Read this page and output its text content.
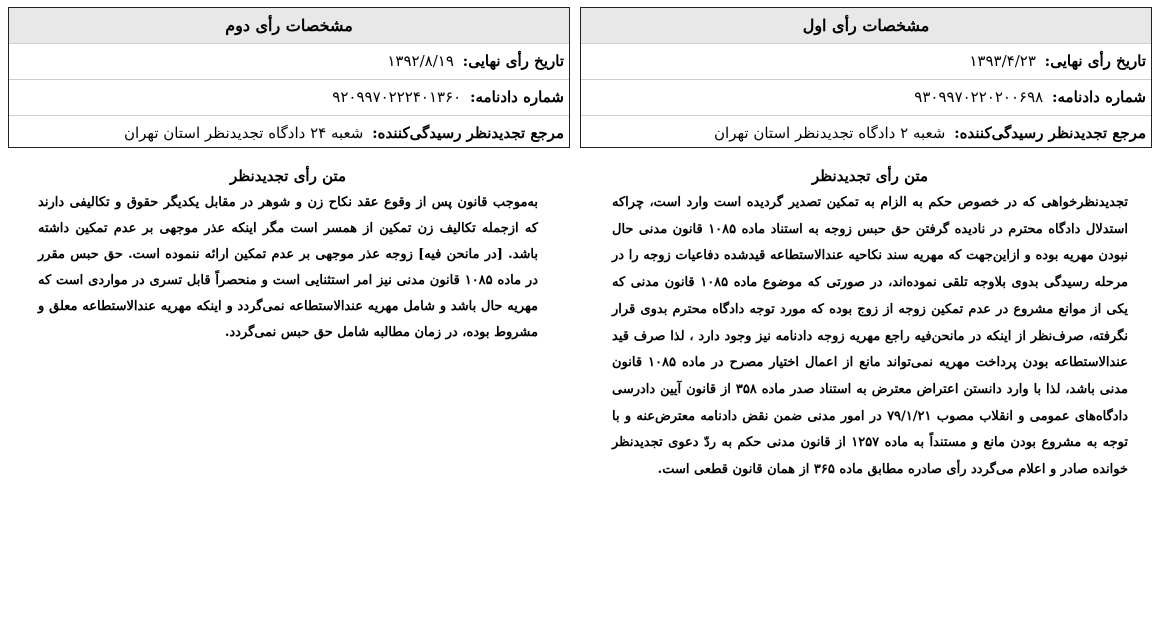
مشخصات رأی اول
تاریخ رأی نهایی: ۱۳۹۳/۴/۲۳
شماره دادنامه: ۹۳۰۹۹۷۰۲۲۰۲۰۰۶۹۸
مرجع تجدیدنظر رسیدگی‌کننده: شعبه ۲ دادگاه تجدیدنظر استان تهران
مشخصات رأی دوم
تاریخ رأی نهایی: ۱۳۹۲/۸/۱۹
شماره دادنامه: ۹۲۰۹۹۷۰۲۲۲۴۰۱۳۶۰
مرجع تجدیدنظر رسیدگی‌کننده: شعبه ۲۴ دادگاه تجدیدنظر استان تهران
متن رأی تجدیدنظر
تجدیدنظرخواهی که در خصوص حکم به الزام به تمکین تصدیر گردیده است وارد است، چراکه استدلال دادگاه محترم در نادیده گرفتن حق حبس زوجه به استناد ماده ۱۰۸۵ قانون مدنی حال نبودن مهریه بوده و ازاین‌جهت که مهریه سند نکاحیه عندالاستطاعه قیدشده دفاعیات زوجه را در مرحله رسیدگی بدوی بلاوجه تلقی نموده‌اند، در صورتی که موضوع ماده ۱۰۸۵ قانون مدنی که یکی از موانع مشروع در عدم تمکین زوجه از زوج بوده که مورد توجه دادگاه محترم بدوی قرار نگرفته، صرف‌نظر از اینکه در مانحن‌فیه راجع مهریه زوجه دادنامه نیز وجود دارد ، لذا صرف قید عندالاستطاعه بودن پرداخت مهریه نمی‌تواند مانع از اعمال اختیار مصرح در ماده ۱۰۸۵ قانون مدنی باشد، لذا با وارد دانستن اعتراض معترض به استناد صدر ماده ۳۵۸ از قانون آیین دادرسی دادگاه‌های عمومی و انقلاب مصوب ۷۹/۱/۲۱ در امور مدنی ضمن نقض دادنامه معترض‌عنه و با توجه به مشروع بودن مانع و مستنداً به ماده ۱۲۵۷ از قانون مدنی حکم به ردّ دعوی تجدیدنظر خوانده صادر و اعلام می‌گردد رأی صادره مطابق ماده ۳۶۵ از همان قانون قطعی است.
متن رأی تجدیدنظر
به‌موجب قانون پس از وقوع عقد نکاح زن و شوهر در مقابل یکدیگر حقوق و تکالیفی دارند که ازجمله تکالیف زن تمکین از همسر است مگر اینکه عذر موجهی بر عدم تمکین داشته باشد. [در مانحن فیه] زوجه عذر موجهی بر عدم تمکین ارائه ننموده است. حق حبس مقرر در ماده ۱۰۸۵ قانون مدنی نیز امر استثنایی است و منحصراً قابل تسری در مواردی است که مهریه حال باشد و شامل مهریه عندالاستطاعه نمی‌گردد و اینکه مهریه عندالاستطاعه معلق و مشروط بوده، در زمان مطالبه شامل حق حبس نمی‌گردد.
